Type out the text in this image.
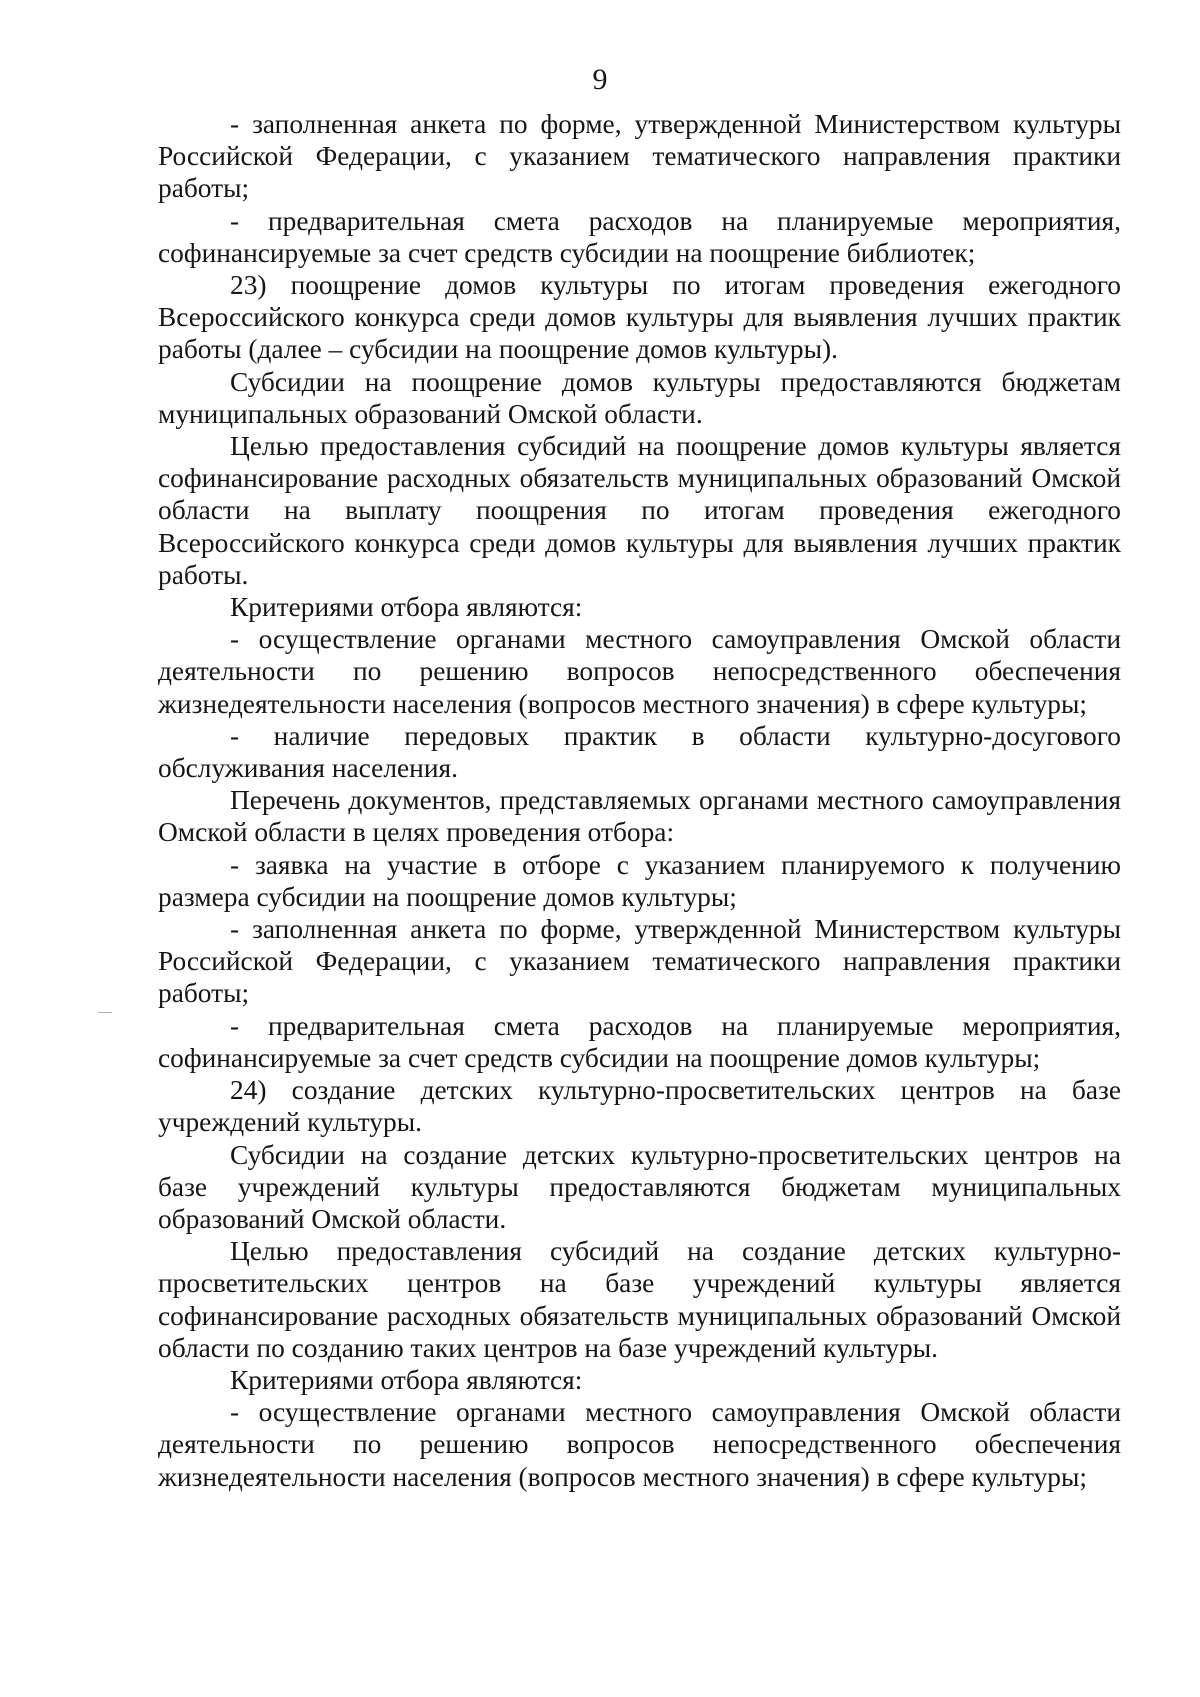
9

- заполненная анкета по форме, утвержденной Министерством культуры Российской Федерации, с указанием тематического направления практики работы;

- предварительная смета расходов на планируемые мероприятия, софинансируемые за счет средств субсидии на поощрение библиотек;

23) поощрение домов культуры по итогам проведения ежегодного Всероссийского конкурса среди домов культуры для выявления лучших практик работы (далее – субсидии на поощрение домов культуры).

Субсидии на поощрение домов культуры предоставляются бюджетам муниципальных образований Омской области.

Целью предоставления субсидий на поощрение домов культуры является софинансирование расходных обязательств муниципальных образований Омской области на выплату поощрения по итогам проведения ежегодного Всероссийского конкурса среди домов культуры для выявления лучших практик работы.

Критериями отбора являются:

- осуществление органами местного самоуправления Омской области деятельности по решению вопросов непосредственного обеспечения жизнедеятельности населения (вопросов местного значения) в сфере культуры;

- наличие передовых практик в области культурно-досугового обслуживания населения.

Перечень документов, представляемых органами местного самоуправления Омской области в целях проведения отбора:

- заявка на участие в отборе с указанием планируемого к получению размера субсидии на поощрение домов культуры;

- заполненная анкета по форме, утвержденной Министерством культуры Российской Федерации, с указанием тематического направления практики работы;

- предварительная смета расходов на планируемые мероприятия, софинансируемые за счет средств субсидии на поощрение домов культуры;

24) создание детских культурно-просветительских центров на базе учреждений культуры.

Субсидии на создание детских культурно-просветительских центров на базе учреждений культуры предоставляются бюджетам муниципальных образований Омской области.

Целью предоставления субсидий на создание детских культурно-просветительских центров на базе учреждений культуры является софинансирование расходных обязательств муниципальных образований Омской области по созданию таких центров на базе учреждений культуры.

Критериями отбора являются:

- осуществление органами местного самоуправления Омской области деятельности по решению вопросов непосредственного обеспечения жизнедеятельности населения (вопросов местного значения) в сфере культуры;
